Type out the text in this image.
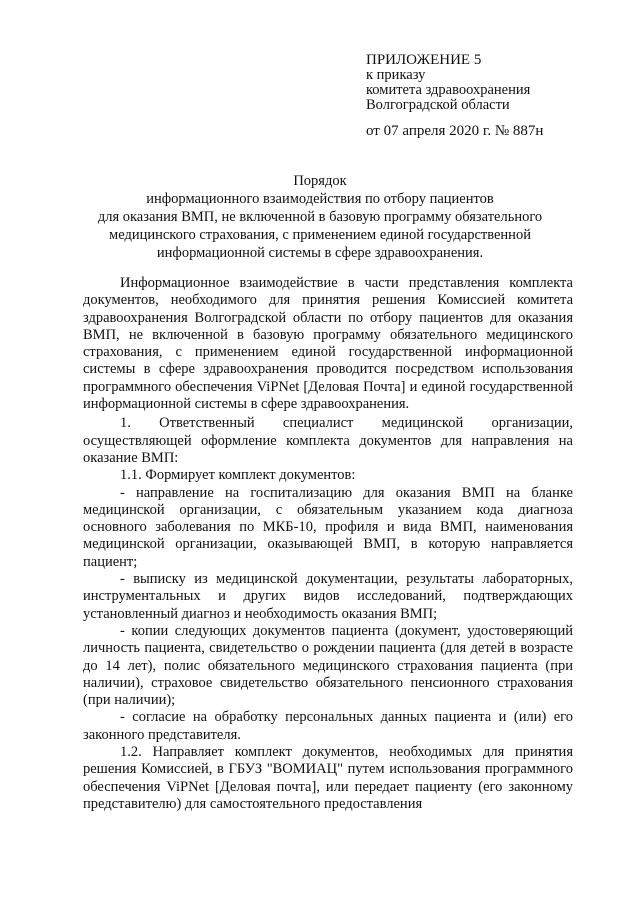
ПРИЛОЖЕНИЕ 5
к приказу
комитета здравоохранения
Волгоградской области
от 07 апреля 2020 г. № 887н
Порядок
информационного взаимодействия по отбору пациентов
для оказания ВМП, не включенной в базовую программу обязательного
медицинского страхования, с применением единой государственной
информационной системы в сфере здравоохранения.

Информационное взаимодействие в части представления комплекта документов, необходимого для принятия решения Комиссией комитета здравоохранения Волгоградской области по отбору пациентов для оказания ВМП, не включенной в базовую программу обязательного медицинского страхования, с применением единой государственной информационной системы в сфере здравоохранения проводится посредством использования программного обеспечения ViPNet [Деловая Почта] и единой государственной информационной системы в сфере здравоохранения.

1. Ответственный специалист медицинской организации, осуществляющей оформление комплекта документов для направления на оказание ВМП:

1.1. Формирует комплект документов:

- направление на госпитализацию для оказания ВМП на бланке медицинской организации, с обязательным указанием кода диагноза основного заболевания по МКБ-10, профиля и вида ВМП, наименования медицинской организации, оказывающей ВМП, в которую направляется пациент;

- выписку из медицинской документации, результаты лабораторных, инструментальных и других видов исследований, подтверждающих установленный диагноз и необходимость оказания ВМП;

- копии следующих документов пациента (документ, удостоверяющий личность пациента, свидетельство о рождении пациента (для детей в возрасте до 14 лет), полис обязательного медицинского страхования пациента (при наличии), страховое свидетельство обязательного пенсионного страхования (при наличии);

- согласие на обработку персональных данных пациента и (или) его законного представителя.

1.2. Направляет комплект документов, необходимых для принятия решения Комиссией, в ГБУЗ "ВОМИАЦ" путем использования программного обеспечения ViPNet [Деловая почта], или передает пациенту (его законному представителю) для самостоятельного предоставления
